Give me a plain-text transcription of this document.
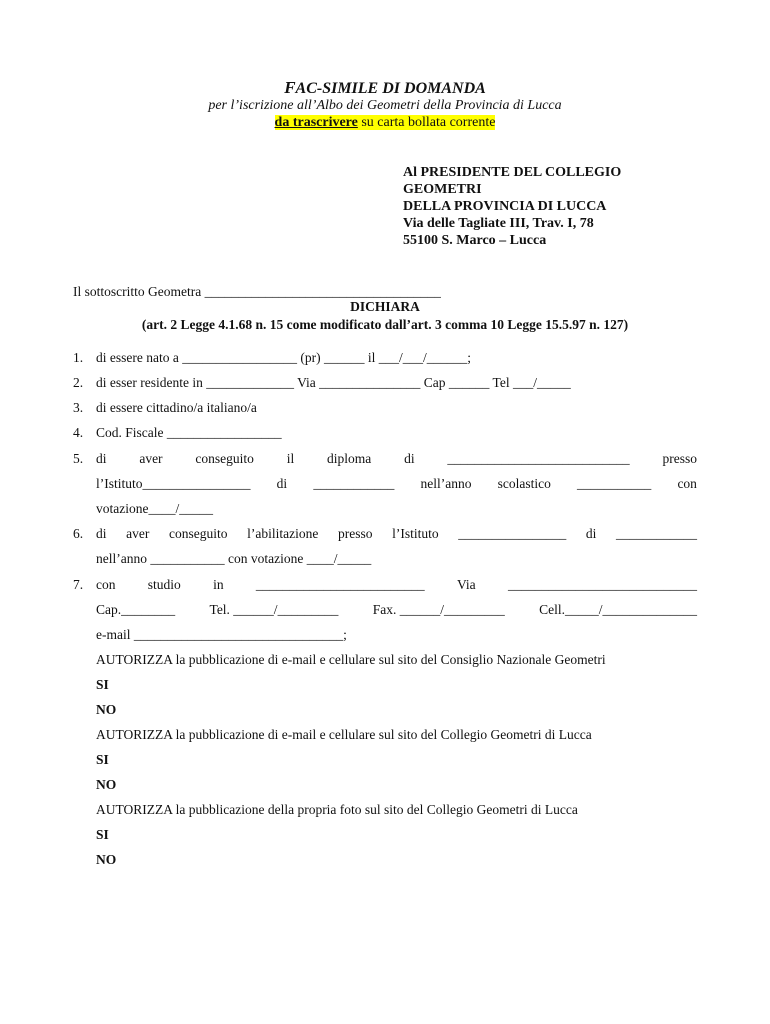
FAC-SIMILE DI DOMANDA
per l’iscrizione all’Albo dei Geometri della Provincia di Lucca
da trascrivere su carta bollata corrente
Al PRESIDENTE DEL COLLEGIO
GEOMETRI
DELLA PROVINCIA DI LUCCA
Via delle Tagliate III, Trav. I, 78
55100 S. Marco – Lucca
Il sottoscritto Geometra ___________________________________
DICHIARA
(art. 2 Legge 4.1.68 n. 15 come modificato dall’art. 3 comma 10 Legge 15.5.97 n. 127)
1. di essere nato a _________________ (pr) ______ il ___/___/______;
2. di esser residente in _____________ Via _______________ Cap ______ Tel ___/_____
3. di essere cittadino/a italiano/a
4. Cod. Fiscale _________________
5. di aver conseguito il diploma di ___________________________ presso
l’Istituto________________ di ____________ nell’anno scolastico ___________ con
votazione____/_____
6. di aver conseguito l’abilitazione presso l’Istituto ________________ di ____________
nell’anno ___________ con votazione ____/_____
7. con studio in _________________________ Via ____________________________
Cap.________	Tel. ______/_________	Fax. ______/_________	Cell._____/______________
e-mail _______________________________;
AUTORIZZA la pubblicazione di e-mail e cellulare sul sito del Consiglio Nazionale Geometri
SI
NO
AUTORIZZA la pubblicazione di e-mail e cellulare sul sito del Collegio Geometri di Lucca
SI
NO
AUTORIZZA la pubblicazione della propria foto sul sito del Collegio Geometri di Lucca
SI
NO
